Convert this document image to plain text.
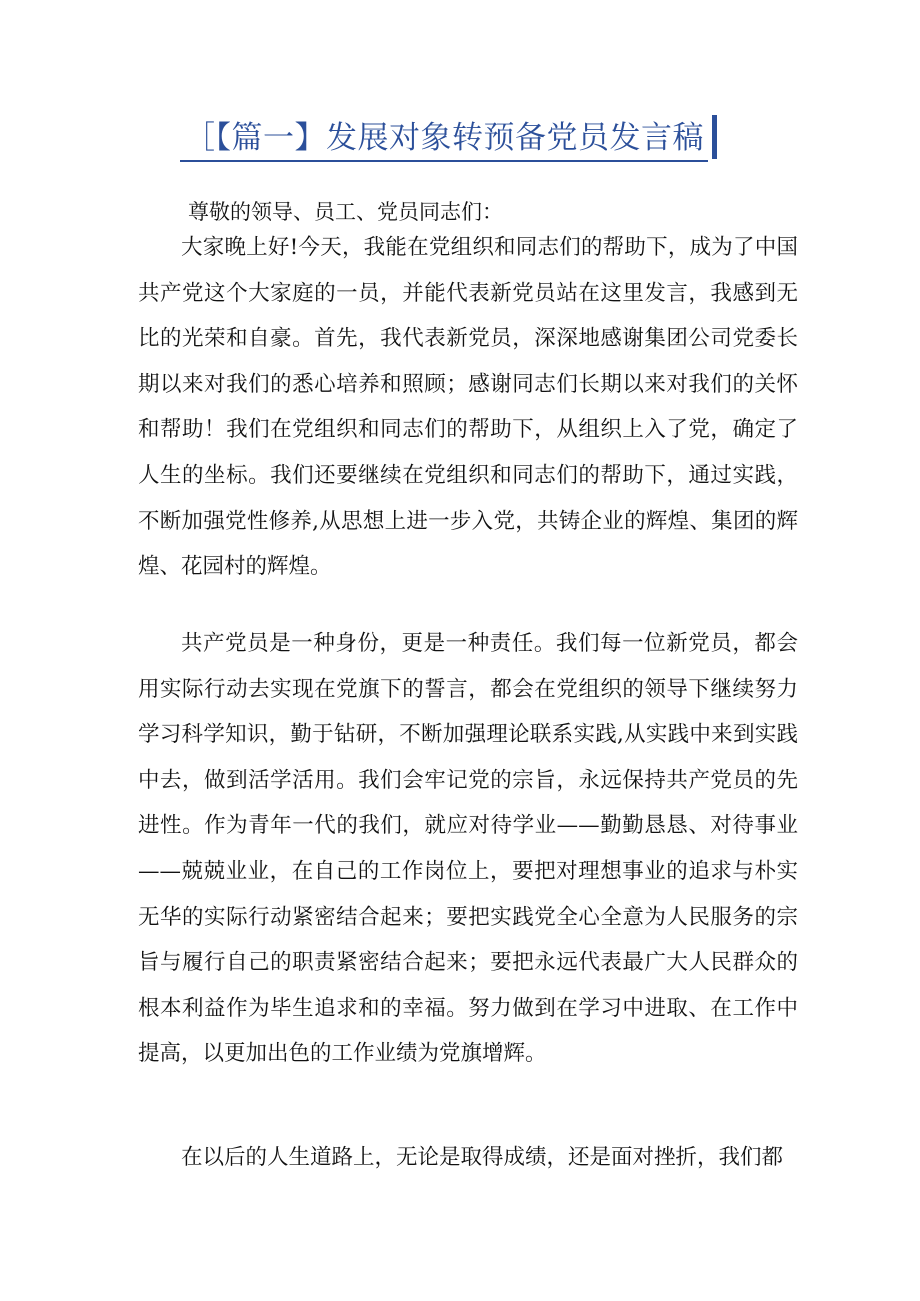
［【篇一】发展对象转预备党员发言稿
尊敬的领导、员工、党员同志们：

大家晚上好!今天，我能在党组织和同志们的帮助下，成为了中国共产党这个大家庭的一员，并能代表新党员站在这里发言，我感到无比的光荣和自豪。首先，我代表新党员，深深地感谢集团公司党委长期以来对我们的悉心培养和照顾；感谢同志们长期以来对我们的关怀和帮助！我们在党组织和同志们的帮助下，从组织上入了党，确定了人生的坐标。我们还要继续在党组织和同志们的帮助下，通过实践，不断加强党性修养,从思想上进一步入党，共铸企业的辉煌、集团的辉煌、花园村的辉煌。

共产党员是一种身份，更是一种责任。我们每一位新党员，都会用实际行动去实现在党旗下的誓言，都会在党组织的领导下继续努力学习科学知识，勤于钻研，不断加强理论联系实践,从实践中来到实践中去，做到活学活用。我们会牢记党的宗旨，永远保持共产党员的先进性。作为青年一代的我们，就应对待学业——勤勤恳恳、对待事业——兢兢业业，在自己的工作岗位上，要把对理想事业的追求与朴实无华的实际行动紧密结合起来；要把实践党全心全意为人民服务的宗旨与履行自己的职责紧密结合起来；要把永远代表最广大人民群众的根本利益作为毕生追求和的幸福。努力做到在学习中进取、在工作中提高，以更加出色的工作业绩为党旗增辉。

在以后的人生道路上，无论是取得成绩，还是面对挫折，我们都
